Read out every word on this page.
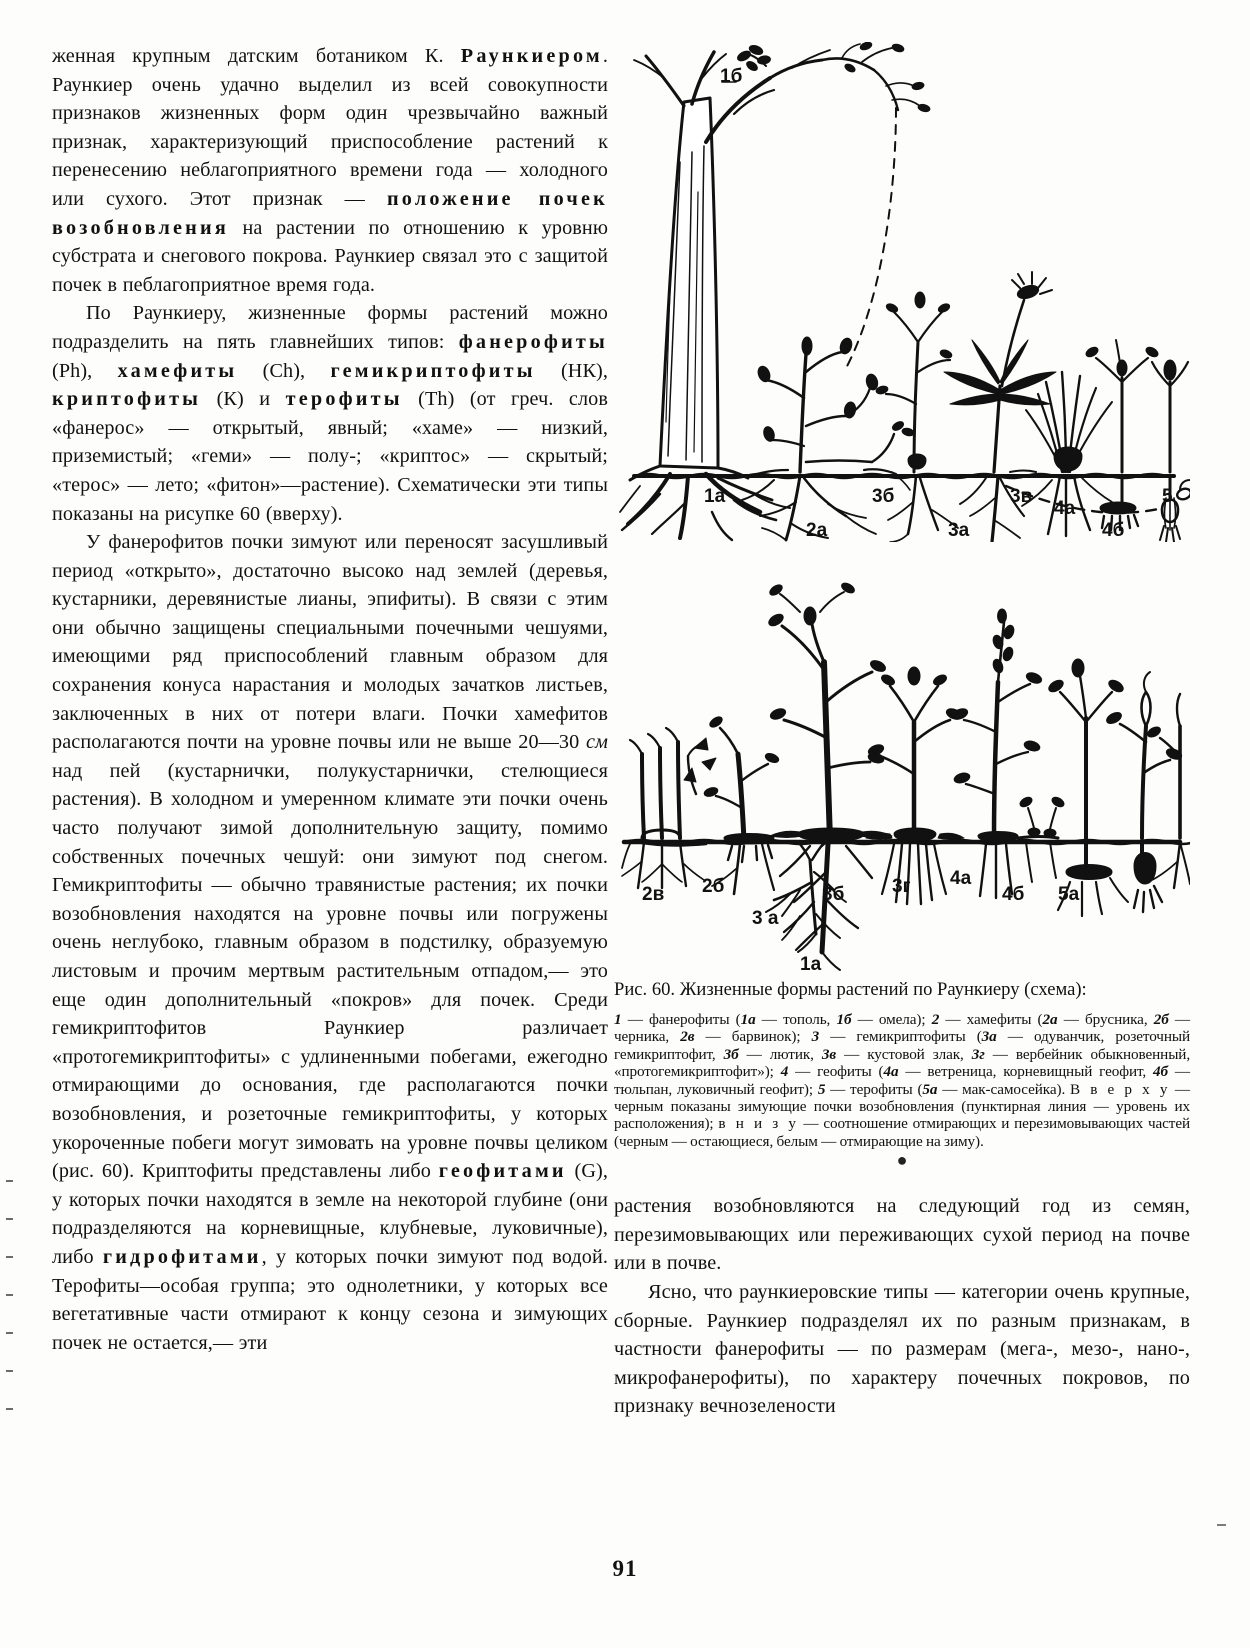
женная крупным датским ботаником К. Раункиером. Раункиер очень удачно выделил из всей совокупности признаков жизненных форм один чрезвычайно важный признак, характеризующий приспособление растений к перенесению неблагоприятного времени года — холодного или сухого. Этот признак — положение почек возобновления на растении по отношению к уровню субстрата и снегового покрова. Раункиер связал это с защитой почек в пеблагоприятное время года.

По Раункиеру, жизненные формы растений можно подразделить на пять главнейших типов: фанерофиты (Ph), хамефиты (Ch), гемикриптофиты (НК), криптофиты (К) и терофиты (Th) (от греч. слов «фанерос» — открытый, явный; «хаме» — низкий, приземистый; «геми» — полу-; «криптос» — скрытый; «терос» — лето; «фитон»—растение). Схематически эти типы показаны на рисупке 60 (вверху).

У фанерофитов почки зимуют или переносят засушливый период «открыто», достаточно высоко над землей (деревья, кустарники, деревянистые лианы, эпифиты). В связи с этим они обычно защищены специальными почечными чешуями, имеющими ряд приспособлений главным образом для сохранения конуса нарастания и молодых зачатков листьев, заключенных в них от потери влаги. Почки хамефитов располагаются почти на уровне почвы или не выше 20—30 см над пей (кустарнички, полукустарнички, стелющиеся растения). В холодном и умеренном климате эти почки очень часто получают зимой дополнительную защиту, помимо собственных почечных чешуй: они зимуют под снегом. Гемикриптофиты — обычно травянистые растения; их почки возобновления находятся на уровне почвы или погружены очень неглубоко, главным образом в подстилку, образуемую листовым и прочим мертвым растительным отпадом,— это еще один дополнительный «покров» для почек. Среди гемикриптофитов Раункиер различает «протогемикриптофиты» с удлиненными побегами, ежегодно отмирающими до основания, где располагаются почки возобновления, и розеточные гемикриптофиты, у которых укороченные побеги могут зимовать на уровне почвы целиком (рис. 60). Криптофиты представлены либо геофитами (G), у которых почки находятся в земле на некоторой глубине (они подразделяются на корневищные, клубневые, луковичные), либо гидрофитами, у которых почки зимуют под водой. Терофиты—особая группа; это однолетники, у которых все вегетативные части отмирают к концу сезона и зимующих почек не остается,— эти

1б
1а
2а
3б
3а
3в
4а
4б
5
2в 2б
3 а
3б	3г 4а
4б 5а
1а

Рис. 60. Жизненные формы растений по Раункиеру (схема):

1 — фанерофиты (1а — тополь, 1б — омела); 2 — хамефиты (2а — брусника, 2б — черника, 2в — барвинок); 3 — гемикриптофиты (3а — одуванчик, розеточный гемикриптофит, 3б — лютик, 3в — кустовой злак, 3г — вербейник обыкновенный, «протогемикриптофит»); 4 — геофиты (4а — ветреница, корневищный геофит, 4б — тюльпан, луковичный геофит); 5 — терофиты (5а — мак-самосейка). В в е р х у — черным показаны зимующие почки возобновления (пунктирная линия — уровень их расположения); в н и з у — соотношение отмирающих и перезимовывающих частей (черным — остающиеся, белым — отмирающие на зиму).

●

растения возобновляются на следующий год из семян, перезимовывающих или переживающих сухой период на почве или в почве.

Ясно, что раункиеровские типы — категории очень крупные, сборные. Раункиер подразделял их по разным признакам, в частности фанерофиты — по размерам (мега-, мезо-, нано-, микрофанерофиты), по характеру почечных покровов, по признаку вечнозелености

91
